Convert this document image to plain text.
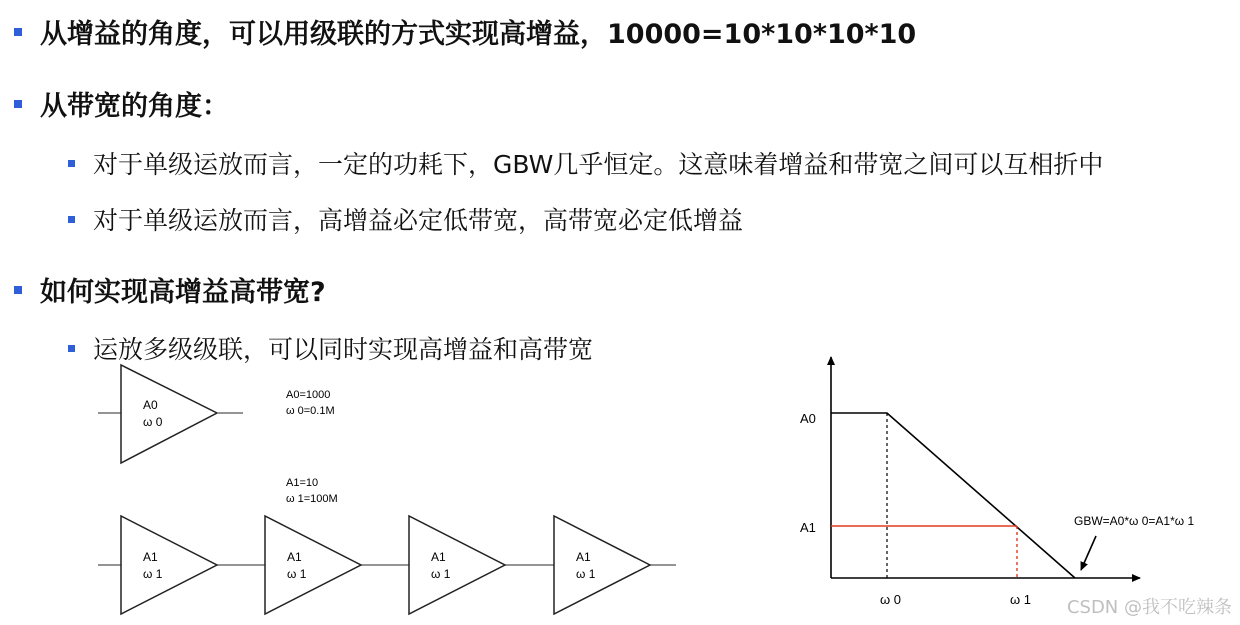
从增益的角度，可以用级联的方式实现高增益，10000=10*10*10*10
从带宽的角度：
对于单级运放而言，一定的功耗下，GBW几乎恒定。这意味着增益和带宽之间可以互相折中
对于单级运放而言，高增益必定低带宽，高带宽必定低增益
如何实现高增益高带宽?
运放多级级联，可以同时实现高增益和高带宽
A0
ω 0
A0=1000
ω 0=0.1M
A1=10
ω 1=100M
A1
ω 1
A1
ω 1
A1
ω 1
A1
ω 1
A0
A1
ω 0	ω 1
GBW=A0*ω 0=A1*ω 1
CSDN @我不吃辣条
